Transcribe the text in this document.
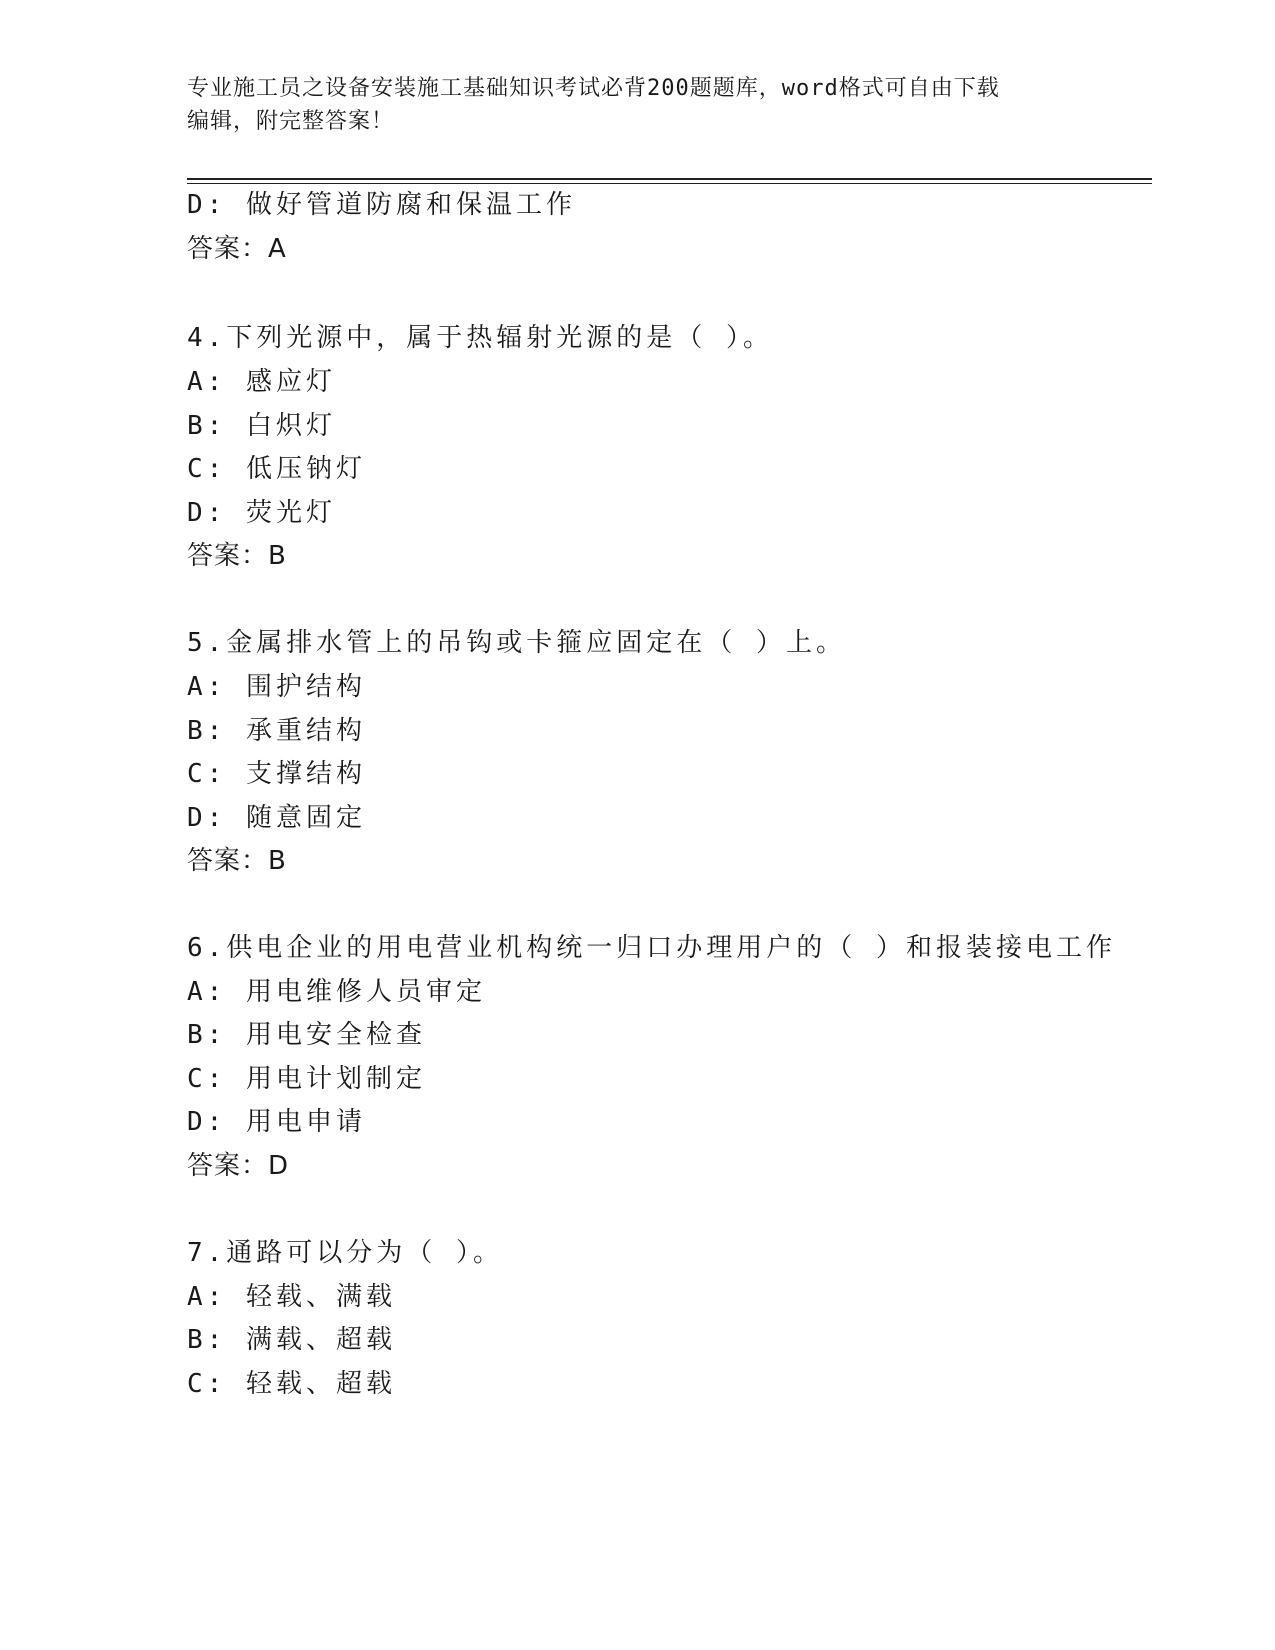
专业施工员之设备安装施工基础知识考试必背200题题库，word格式可自由下载
编辑，附完整答案！
D: 做好管道防腐和保温工作
答案：A
4.下列光源中，属于热辐射光源的是（ ）。
A: 感应灯
B: 白炽灯
C: 低压钠灯
D: 荧光灯
答案：B
5.金属排水管上的吊钩或卡箍应固定在（ ）上。
A: 围护结构
B: 承重结构
C: 支撑结构
D: 随意固定
答案：B
6.供电企业的用电营业机构统一归口办理用户的（ ）和报装接电工作
A: 用电维修人员审定
B: 用电安全检查
C: 用电计划制定
D: 用电申请
答案：D
7.通路可以分为（ ）。
A: 轻载、满载
B: 满载、超载
C: 轻载、超载
